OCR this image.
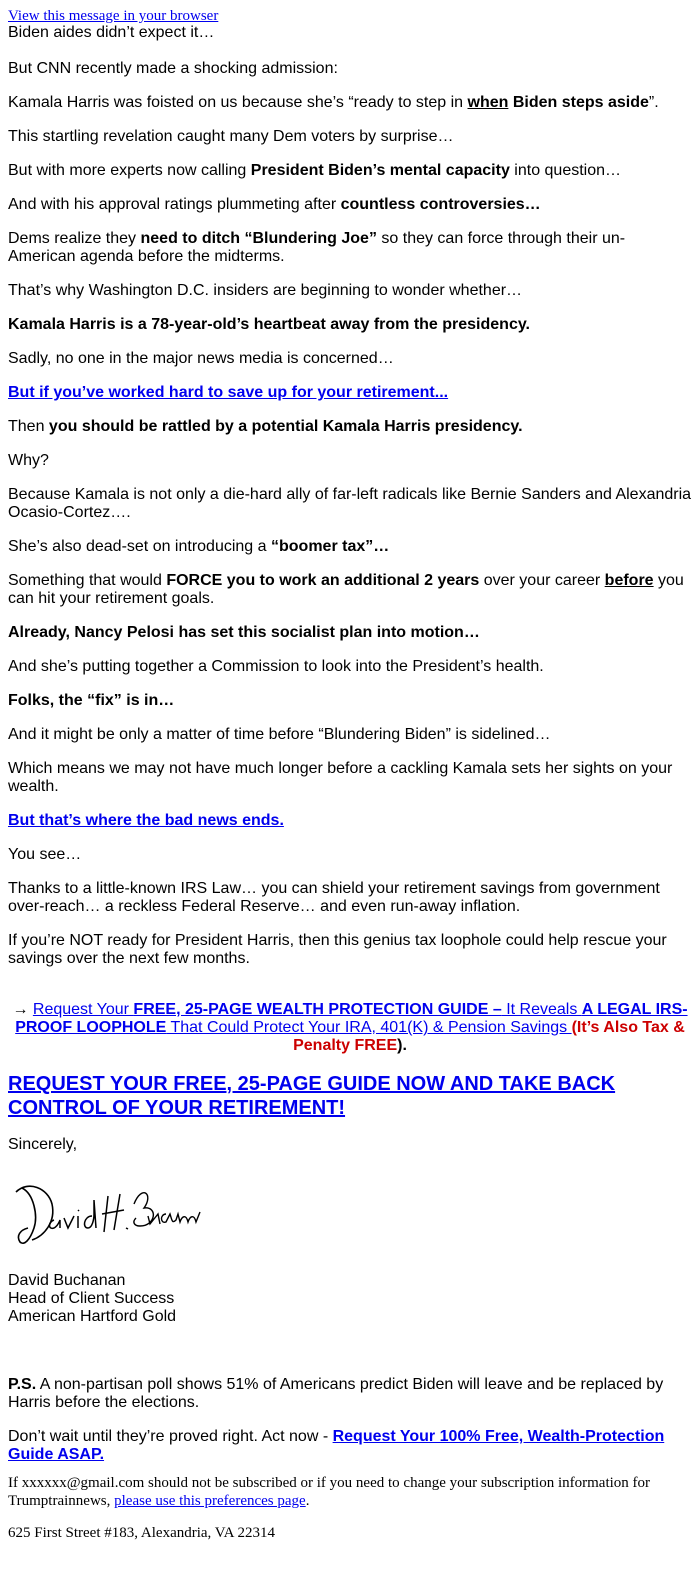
View this message in your browser

Biden aides didn’t expect it…

But CNN recently made a shocking admission:

Kamala Harris was foisted on us because she’s “ready to step in when Biden steps aside”.

This startling revelation caught many Dem voters by surprise…

But with more experts now calling President Biden’s mental capacity into question…

And with his approval ratings plummeting after countless controversies…

Dems realize they need to ditch “Blundering Joe” so they can force through their un-American agenda before the midterms.

That’s why Washington D.C. insiders are beginning to wonder whether…

Kamala Harris is a 78-year-old’s heartbeat away from the presidency.

Sadly, no one in the major news media is concerned…

But if you’ve worked hard to save up for your retirement...

Then you should be rattled by a potential Kamala Harris presidency.

Why?

Because Kamala is not only a die-hard ally of far-left radicals like Bernie Sanders and Alexandria Ocasio-Cortez….

She’s also dead-set on introducing a “boomer tax”…

Something that would FORCE you to work an additional 2 years over your career before you can hit your retirement goals.

Already, Nancy Pelosi has set this socialist plan into motion…

And she’s putting together a Commission to look into the President’s health.

Folks, the “fix” is in…

And it might be only a matter of time before “Blundering Biden” is sidelined…

Which means we may not have much longer before a cackling Kamala sets her sights on your wealth.

But that’s where the bad news ends.

You see…

Thanks to a little-known IRS Law… you can shield your retirement savings from government over-reach… a reckless Federal Reserve… and even run-away inflation.

If you’re NOT ready for President Harris, then this genius tax loophole could help rescue your savings over the next few months.

→ Request Your FREE, 25-PAGE WEALTH PROTECTION GUIDE – It Reveals A LEGAL IRS-PROOF LOOPHOLE That Could Protect Your IRA, 401(K) & Pension Savings (It’s Also Tax & Penalty FREE).
REQUEST YOUR FREE, 25-PAGE GUIDE NOW AND TAKE BACK CONTROL OF YOUR RETIREMENT!

Sincerely,

David Buchanan
Head of Client Success
American Hartford Gold

P.S. A non-partisan poll shows 51% of Americans predict Biden will leave and be replaced by Harris before the elections.

Don’t wait until they’re proved right. Act now - Request Your 100% Free, Wealth-Protection Guide ASAP.

If xxxxxx@gmail.com should not be subscribed or if you need to change your subscription information for Trumptrainnews, please use this preferences page.

625 First Street #183, Alexandria, VA 22314
